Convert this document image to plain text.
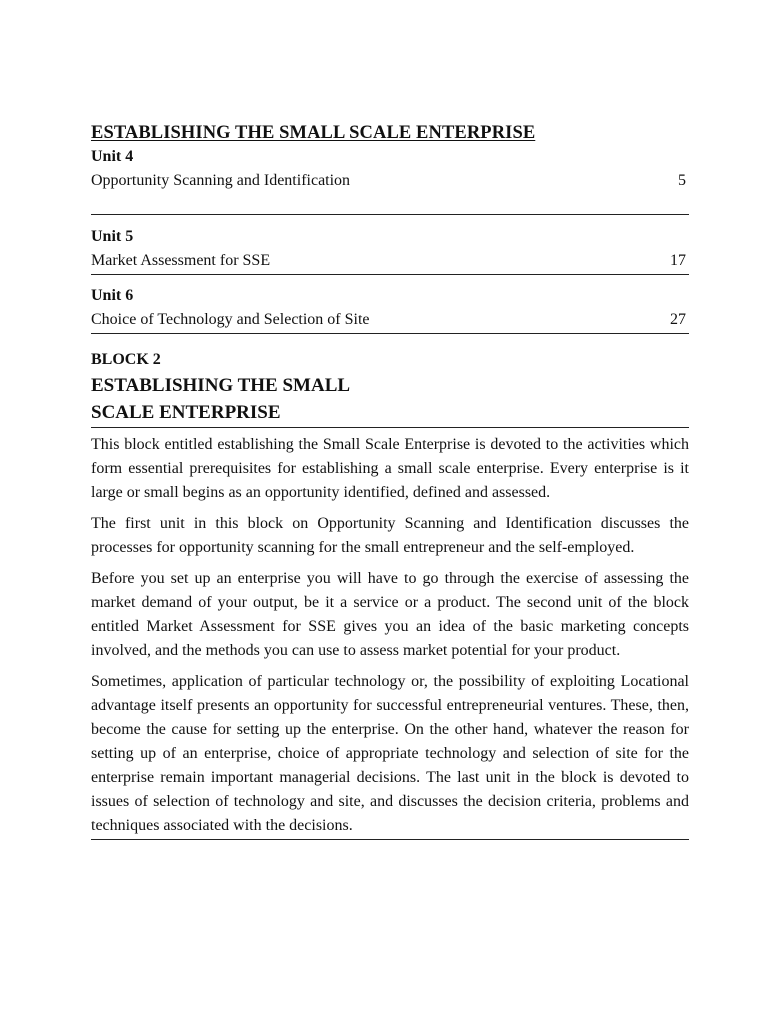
ESTABLISHING THE SMALL SCALE ENTERPRISE
Unit 4
Opportunity Scanning and Identification	5
Unit 5
Market Assessment for SSE	17
Unit 6
Choice of Technology and Selection of Site	27
BLOCK 2
ESTABLISHING THE SMALL
SCALE ENTERPRISE

This block entitled establishing the Small Scale Enterprise is devoted to the activities which form essential prerequisites for establishing a small scale enterprise. Every enterprise is it large or small begins as an opportunity identified, defined and assessed.

The first unit in this block on Opportunity Scanning and Identification discusses the processes for opportunity scanning for the small entrepreneur and the self-employed.

Before you set up an enterprise you will have to go through the exercise of assessing the market demand of your output, be it a service or a product. The second unit of the block entitled Market Assessment for SSE gives you an idea of the basic marketing concepts involved, and the methods you can use to assess market potential for your product.

Sometimes, application of particular technology or, the possibility of exploiting Locational advantage itself presents an opportunity for successful entrepreneurial ventures. These, then, become the cause for setting up the enterprise. On the other hand, whatever the reason for setting up of an enterprise, choice of appropriate technology and selection of site for the enterprise remain important managerial decisions. The last unit in the block is devoted to issues of selection of technology and site, and discusses the decision criteria, problems and techniques associated with the decisions.
